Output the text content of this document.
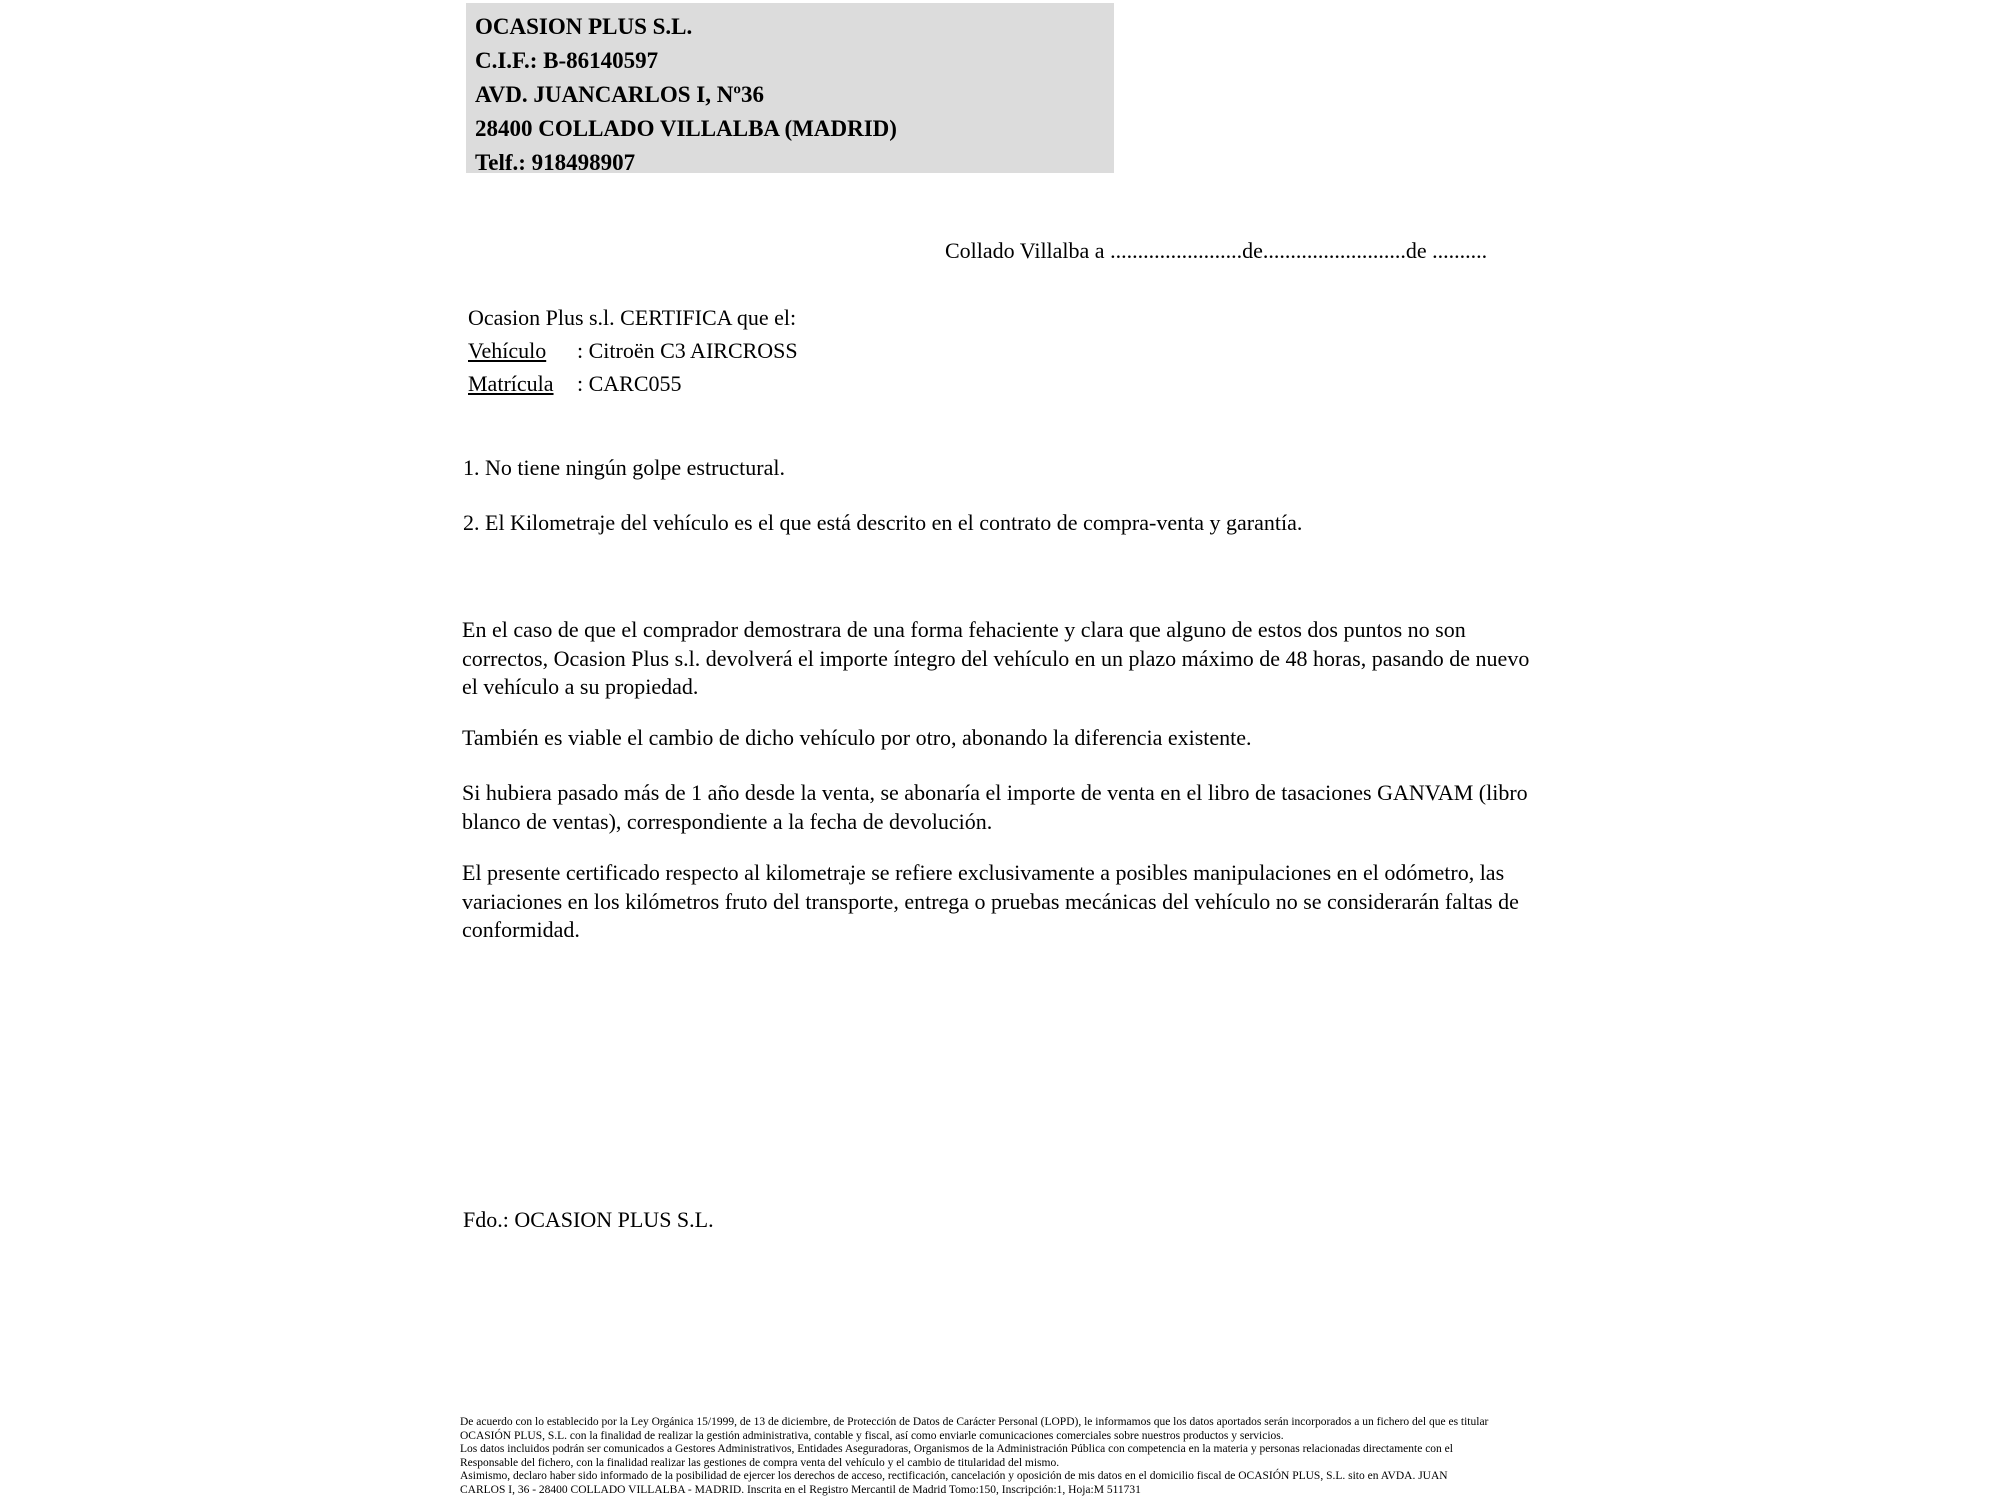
OCASION PLUS S.L.
C.I.F.: B-86140597
AVD. JUANCARLOS I, Nº36
28400 COLLADO VILLALBA (MADRID)
Telf.: 918498907
Collado Villalba a ........................de..........................de ..........
Ocasion Plus s.l. CERTIFICA que el:
Vehículo	: Citroën C3 AIRCROSS
Matrícula	: CARC055
1. No tiene ningún golpe estructural.
2. El Kilometraje del vehículo es el que está descrito en el contrato de compra-venta y garantía.

En el caso de que el comprador demostrara de una forma fehaciente y clara que alguno de estos dos puntos no son correctos, Ocasion Plus s.l. devolverá el importe íntegro del vehículo en un plazo máximo de 48 horas, pasando de nuevo el vehículo a su propiedad.

También es viable el cambio de dicho vehículo por otro, abonando la diferencia existente.

Si hubiera pasado más de 1 año desde la venta, se abonaría el importe de venta en el libro de tasaciones GANVAM (libro blanco de ventas), correspondiente a la fecha de devolución.

El presente certificado respecto al kilometraje se refiere exclusivamente a posibles manipulaciones en el odómetro, las variaciones en los kilómetros fruto del transporte, entrega o pruebas mecánicas del vehículo no se considerarán faltas de conformidad.

Fdo.: OCASION PLUS S.L.
De acuerdo con lo establecido por la Ley Orgánica 15/1999, de 13 de diciembre, de Protección de Datos de Carácter Personal (LOPD), le informamos que los datos aportados serán incorporados a un fichero del que es titular
OCASIÓN PLUS, S.L. con la finalidad de realizar la gestión administrativa, contable y fiscal, así como enviarle comunicaciones comerciales sobre nuestros productos y servicios.
Los datos incluidos podrán ser comunicados a Gestores Administrativos, Entidades Aseguradoras, Organismos de la Administración Pública con competencia en la materia y personas relacionadas directamente con el
Responsable del fichero, con la finalidad realizar las gestiones de compra venta del vehículo y el cambio de titularidad del mismo.
Asimismo, declaro haber sido informado de la posibilidad de ejercer los derechos de acceso, rectificación, cancelación y oposición de mis datos en el domicilio fiscal de OCASIÓN PLUS, S.L. sito en AVDA. JUAN
CARLOS I, 36 - 28400 COLLADO VILLALBA - MADRID. Inscrita en el Registro Mercantil de Madrid Tomo:150, Inscripción:1, Hoja:M 511731
